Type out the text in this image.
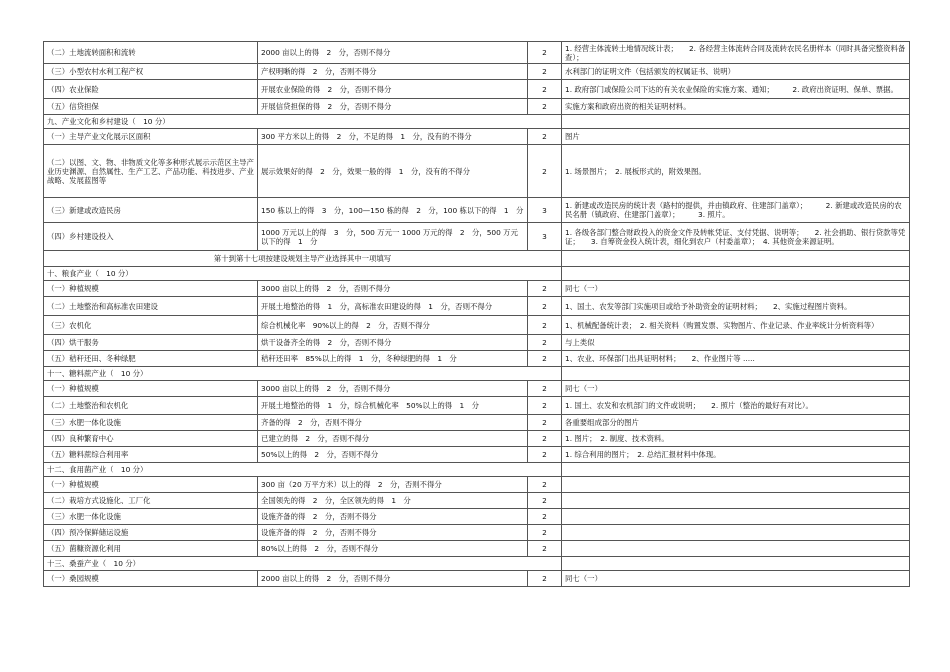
（二）土地流转面积和流转	2000 亩以上的得　2　分，否则不得分	2	1. 经营主体流转土地情况统计表；　　2. 各经营主体流转合同及流转农民名册样本（同时具备完整资料备查）；
（三）小型农村水利工程产权	产权明晰的得　2　分，否则不得分	2	水利部门的证明文件（包括颁发的权属证书、说明）
（四）农业保险	开展农业保险的得　2　分，否则不得分	2	1. 政府部门或保险公司下达的有关农业保险的实施方案、通知；　　　2. 政府出资证明、保单、票据。
（五）信贷担保	开展信贷担保的得　2　分，否则不得分	2	实施方案和政府出资的相关证明材料。
九、产业文化和乡村建设（　10 分）			
（一）主导产业文化展示区面积	300 平方米以上的得　2　分，不足的得　1　分，没有的不得分	2	图片
（二）以图、文、物、非物质文化等多种形式展示示范区主导产业历史渊源、自然属性、生产工艺、产品功能、科技进步、产业战略、发展蓝图等	展示效果好的得　2　分，效果一般的得　1　分，没有的不得分	2	1. 场景图片；　2. 展板形式的，附效果图。
（三）新建或改造民房	150 栋以上的得　3　分，100—150 栋的得　2　分，100 栋以下的得　1　分	3	1. 新建或改造民房的统计表（路村的提供，并由镇政府、住建部门盖章）；　　　2. 新建或改造民房的农民名册（镇政府、住建部门盖章）；　　　3. 照片。
（四）乡村建设投入	1000 万元以上的得　3　分，500 万元一 1000 万元的得　2　分，500 万元以下的得　1　分	3	1. 各级各部门整合财政投入的资金文件及转帐凭证、支付凭据、说明等；　　2. 社会捐助、银行贷款等凭证；　　3. 自筹资金投入统计表，细化到农户（村委盖章）；　4. 其他资金来源证明。
第十到第十七项按建设规划主导产业选择其中一项填写			
十、粮食产业（　10 分）			
（一）种植规模	3000 亩以上的得　2　分，否则不得分	2	同七（一）
（二）土地整治和高标准农田建设	开展土地整治的得　1　分，高标准农田建设的得　1　分，否则不得分	2	1、国土、农发等部门实施项目或给予补助资金的证明材料；　　2、实施过程图片资料。
（三）农机化	综合机械化率　90%以上的得　2　分，否则不得分	2	1、机械配备统计表；　2. 相关资料（购置发票、实物图片、作业记录、作业率统计分析资料等）
（四）烘干服务	烘干设备齐全的得　2　分，否则不得分	2	与上类似
（五）秸秆还田、冬种绿肥	秸秆还田率　85%以上的得　1　分，冬种绿肥的得　1　分	2	1、农业、环保部门出具证明材料；　　2、作业图片等 .....
十一、糖料蔗产业（　10 分）			
（一）种植规模	3000 亩以上的得　2　分，否则不得分	2	同七（一）
（二）土地整治和农机化	开展土地整治的得　1　分，综合机械化率　50%以上的得　1　分	2	1. 国土、农发和农机部门的文件或说明；　　2. 照片（整治的最好有对比）。
（三）水肥一体化设施	齐备的得　2　分，否则不得分	2	各重要组成部分的图片
（四）良种繁育中心	已建立的得　2　分，否则不得分	2	1. 图片；　2. 制度、技术资料。
（五）糖料蔗综合利用率	50%以上的得　2　分，否则不得分	2	1. 综合利用的图片；　2. 总结汇报材料中体现。
十二、食用菌产业（　10 分）			
（一）种植规模	300 亩（20 万平方米）以上的得　2　分，否则不得分	2	
（二）栽培方式设施化、工厂化	全国领先的得　2　分，全区领先的得　1　分	2	
（三）水肥一体化设施	设施齐备的得　2　分，否则不得分	2	
（四）预冷保鲜储运设施	设施齐备的得　2　分，否则不得分	2	
（五）菌糠资源化利用	80%以上的得　2　分，否则不得分	2	
十三、桑蚕产业（　10 分）			
（一）桑园规模	2000 亩以上的得　2　分，否则不得分	2	同七（一）
